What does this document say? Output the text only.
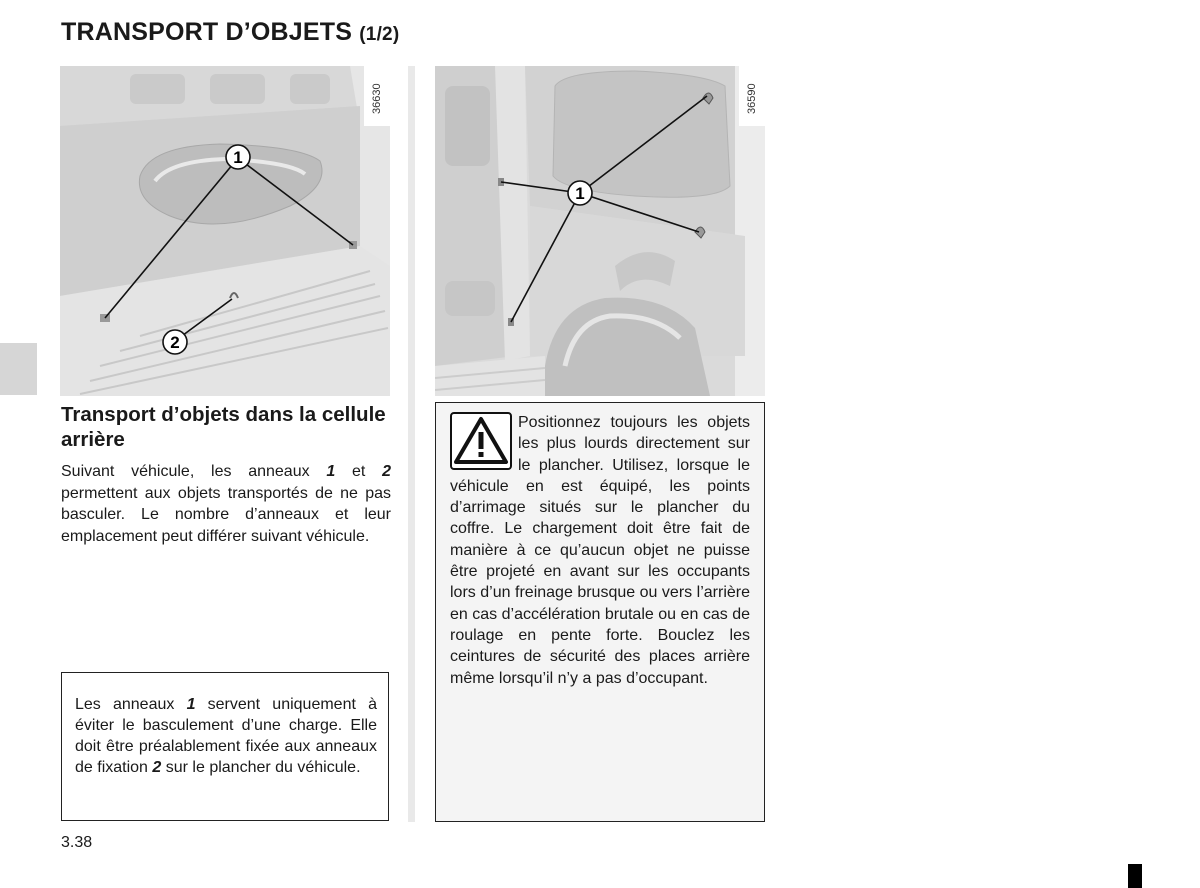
TRANSPORT D’OBJETS (1/2)
1
2
36630
1
36590
Transport d’objets dans la cellule arrière
Suivant véhicule, les anneaux 1 et 2 permettent aux objets transportés de ne pas basculer. Le nombre d’anneaux et leur emplacement peut différer suivant véhicule.

Les anneaux 1 servent uniquement à éviter le basculement d’une charge. Elle doit être préalablement fixée aux anneaux de fixation 2 sur le plancher du véhicule.

Positionnez toujours les objets les plus lourds directement sur le plancher. Utilisez, lorsque le véhicule en est équipé, les points d’arrimage situés sur le plancher du coffre. Le chargement doit être fait de manière à ce qu’aucun objet ne puisse être projeté en avant sur les occupants lors d’un freinage brusque ou vers l’arrière en cas d’accélération brutale ou en cas de roulage en pente forte. Bouclez les ceintures de sécurité des places arrière même lorsqu’il n’y a pas d’occupant.
3.38
